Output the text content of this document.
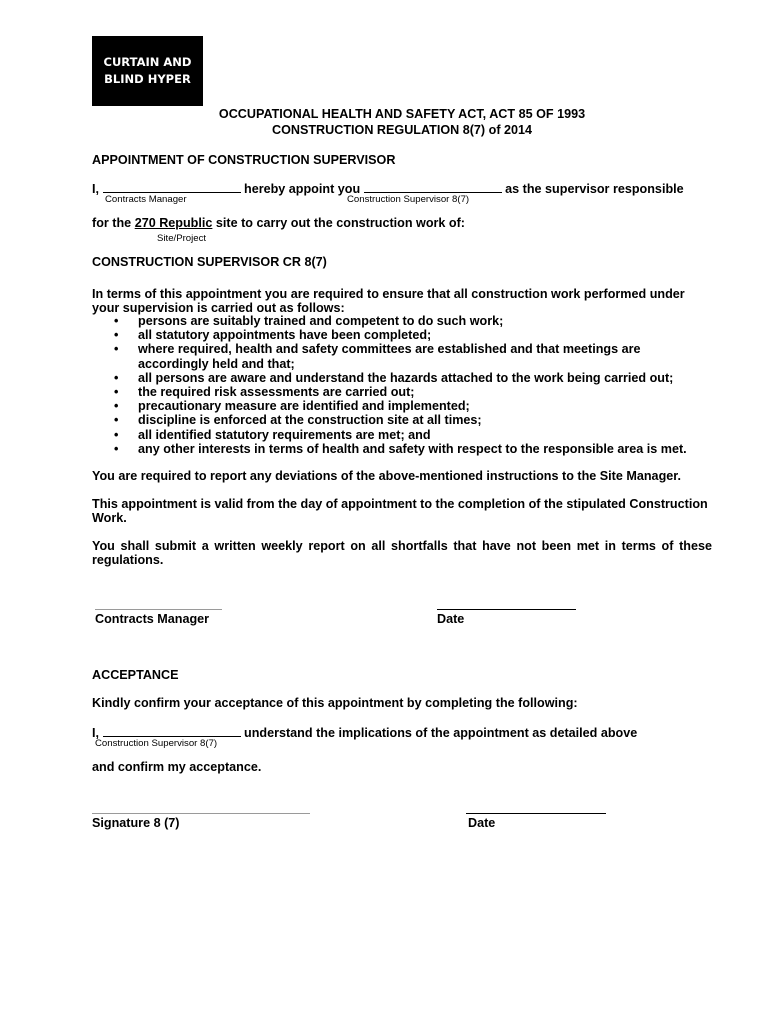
CURTAIN AND
BLIND HYPER
OCCUPATIONAL HEALTH AND SAFETY ACT, ACT 85 OF 1993
CONSTRUCTION REGULATION 8(7) of 2014
APPOINTMENT OF CONSTRUCTION SUPERVISOR
I,	hereby appoint you	as the supervisor responsible
Contracts Manager	Construction Supervisor 8(7)
for the 270 Republic site to carry out the construction work of:
Site/Project
CONSTRUCTION SUPERVISOR CR 8(7)
In terms of this appointment you are required to ensure that all construction work performed under your supervision is carried out as follows:
• persons are suitably trained and competent to do such work;
• all statutory appointments have been completed;
• where required, health and safety committees are established and that meetings are accordingly held and that;
• all persons are aware and understand the hazards attached to the work being carried out;
• the required risk assessments are carried out;
• precautionary measure are identified and implemented;
• discipline is enforced at the construction site at all times;
• all identified statutory requirements are met; and
• any other interests in terms of health and safety with respect to the responsible area is met.
You are required to report any deviations of the above-mentioned instructions to the Site Manager.
This appointment is valid from the day of appointment to the completion of the stipulated Construction Work.
You shall submit a written weekly report on all shortfalls that have not been met in terms of these regulations.
Contracts Manager	Date
ACCEPTANCE
Kindly confirm your acceptance of this appointment by completing the following:
I,	understand the implications of the appointment as detailed above
Construction Supervisor 8(7)
and confirm my acceptance.
Signature 8 (7)	Date
